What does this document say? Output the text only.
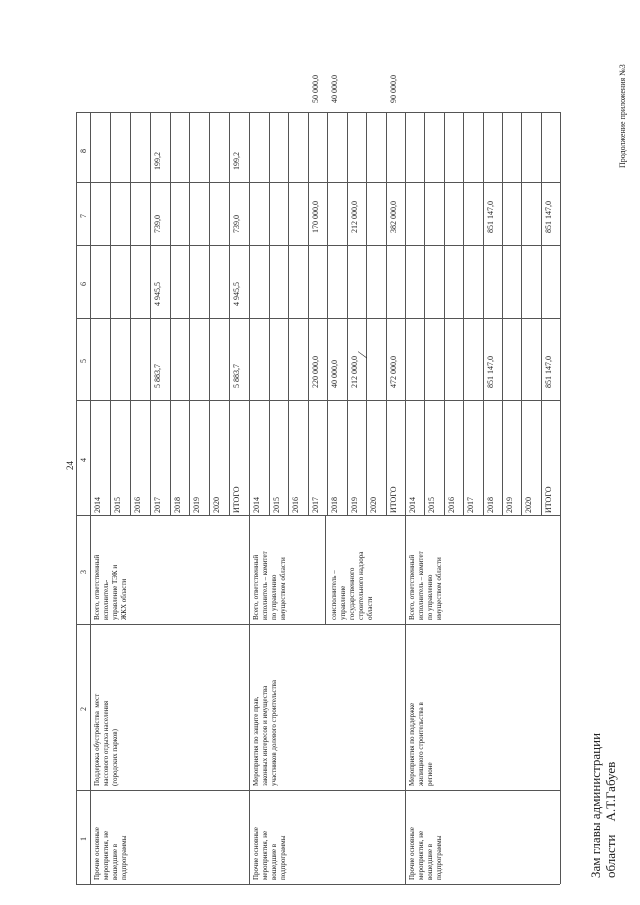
1
2
3
4
5
6
7
8
2014 2015 2016 2017 2018 2019 2020 ИТОГО
Прочие основные
мероприятия, не
вошедшие в
подпрограммы
Поддержка обустройства  мест
массового отдыха населения
(городских парков)
Всего, ответственный
исполнитель-
управление ТЭК и
ЖКХ области
5 883,7
4 945,5
739,0
199,2
5 883,7
4 945,5
739,0
199,2
2014 2015 2016 2017 2018 2019 2020 ИТОГО
Прочие основные
мероприятия, не
вошедшие в
подпрограммы
Мероприятия по защите прав,
законных интересов и имущества
участников долевого строительства
Всего, ответственный
исполнитель – комитет
по управлению
имуществом области
соисполнитель –
управление
государственного
строительного надзора
области
220 000,0 40 000,0 212 000,0
170 000,0	212 000,0
50 000,0 40 000,0
472 000,0
382 000,0
90 000,0
2014 2015 2016 2017 2018 2019 2020 ИТОГО
Прочие основные
мероприятия, не
вошедшие в
подпрограммы
Мероприятия по поддержке
жилищного строительства в
регионе
Всего, ответственный
исполнитель – комитет
по управлению
имуществом области
851 147,0
851 147,0
851 147,0
851 147,0
Продолжение приложения №3
Зам главы администрации области    А.Т.Габуев
24
⁄
